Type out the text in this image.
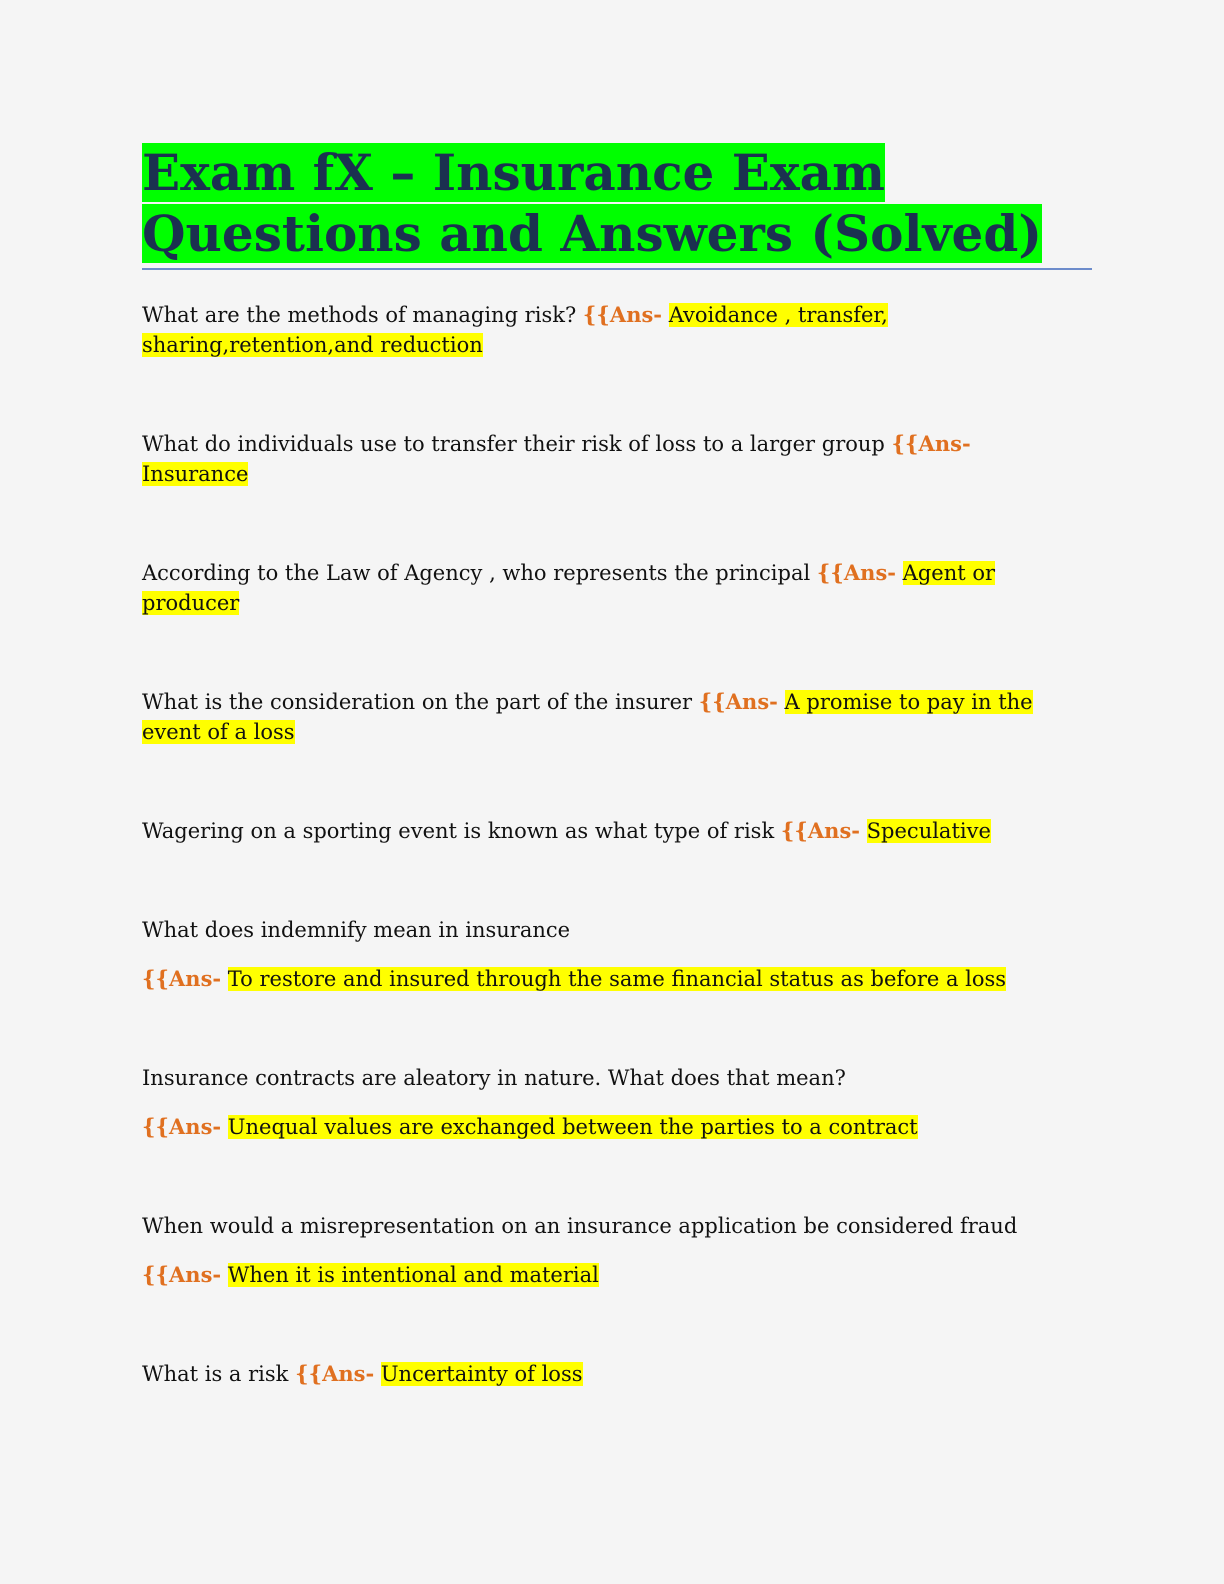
Exam fX – Insurance Exam
Questions and Answers (Solved)

What are the methods of managing risk? {{Ans- Avoidance , transfer, sharing,retention,and reduction

What do individuals use to transfer their risk of loss to a larger group {{Ans- Insurance

According to the Law of Agency , who represents the principal {{Ans- Agent or producer

What is the consideration on the part of the insurer {{Ans- A promise to pay in the event of a loss

Wagering on a sporting event is known as what type of risk {{Ans- Speculative

What does indemnify mean in insurance

{{Ans- To restore and insured through the same financial status as before a loss

Insurance contracts are aleatory in nature. What does that mean?

{{Ans- Unequal values are exchanged between the parties to a contract

When would a misrepresentation on an insurance application be considered fraud

{{Ans- When it is intentional and material

What is a risk {{Ans- Uncertainty of loss
